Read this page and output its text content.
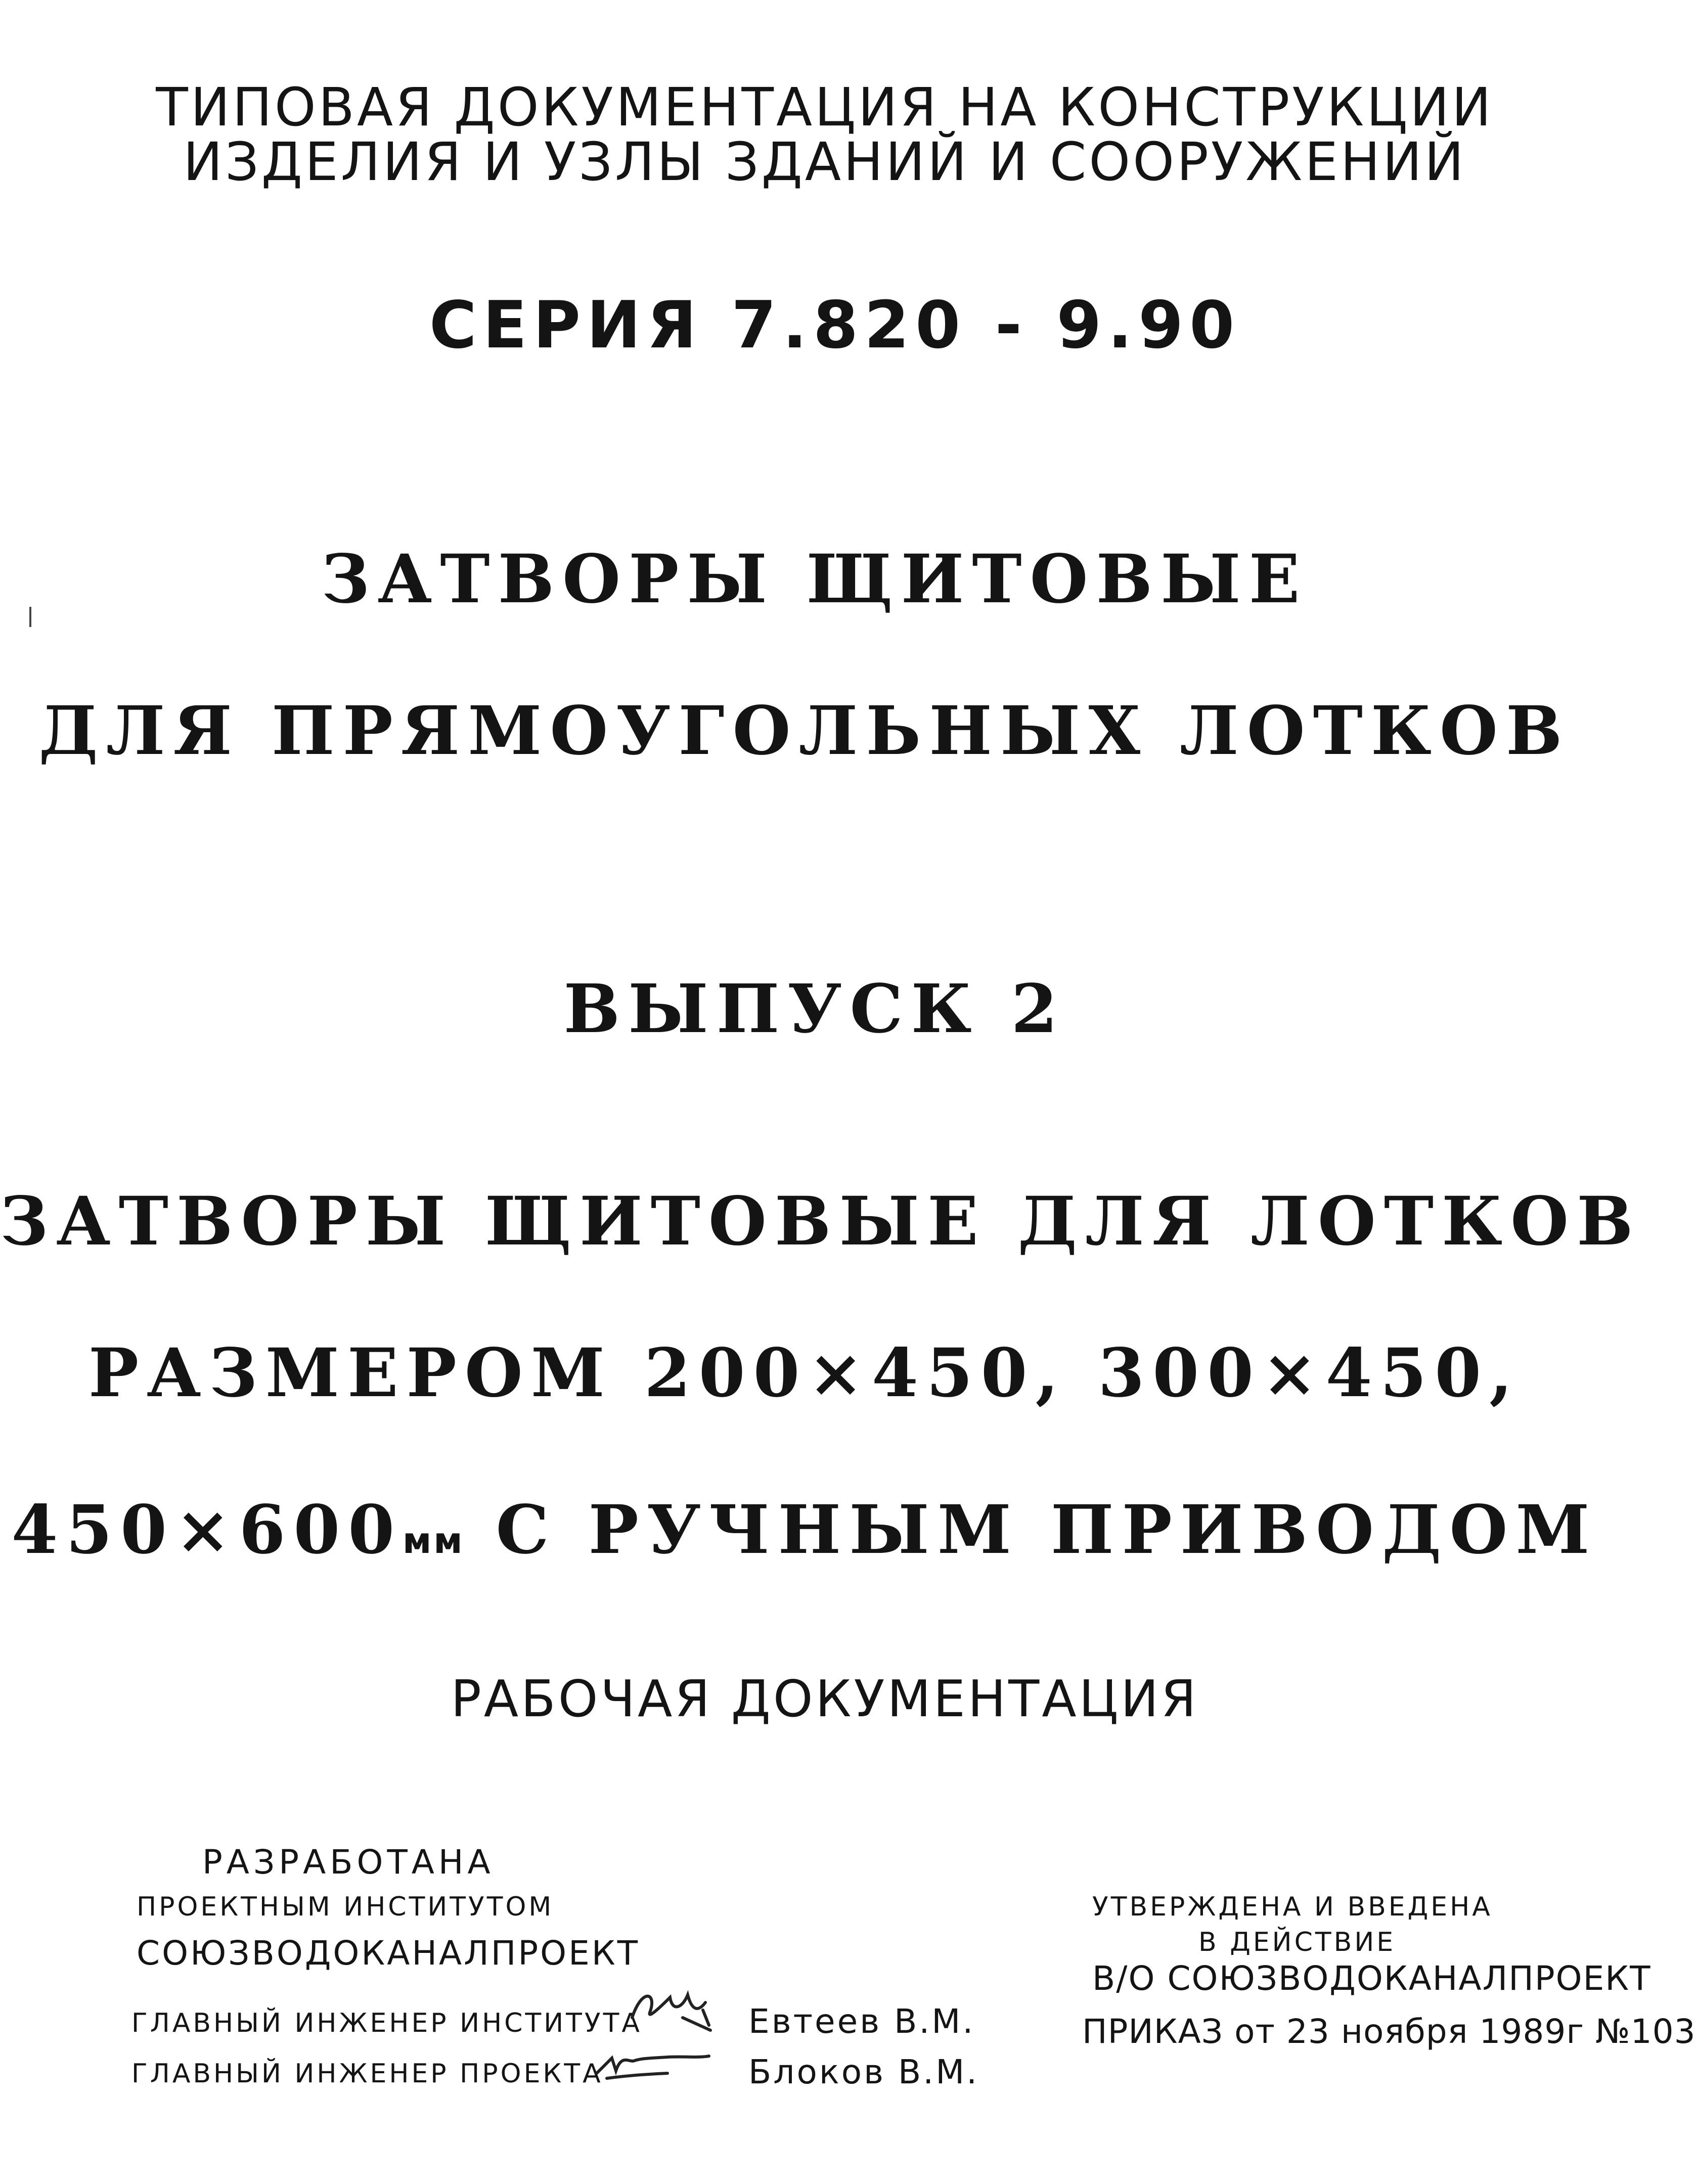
ТИПОВАЯ ДОКУМЕНТАЦИЯ НА КОНСТРУКЦИИ

ИЗДЕЛИЯ И УЗЛЫ ЗДАНИЙ И СООРУЖЕНИЙ

СЕРИЯ 7.820 - 9.90

ЗАТВОРЫ ЩИТОВЫЕ

ДЛЯ ПРЯМОУГОЛЬНЫХ ЛОТКОВ

ВЫПУСК 2

ЗАТВОРЫ ЩИТОВЫЕ ДЛЯ ЛОТКОВ

РАЗМЕРОМ 200×450, 300×450,

450×600мм С РУЧНЫМ ПРИВОДОМ

РАБОЧАЯ ДОКУМЕНТАЦИЯ

РАЗРАБОТАНА

ПРОЕКТНЫМ ИНСТИТУТОМ

СОЮЗВОДОКАНАЛПРОЕКТ

ГЛАВНЫЙ ИНЖЕНЕР ИНСТИТУТА	Евтеев В.М.

ГЛАВНЫЙ ИНЖЕНЕР ПРОЕКТА	Блоков В.М.

УТВЕРЖДЕНА И ВВЕДЕНА

В ДЕЙСТВИЕ

В/О СОЮЗВОДОКАНАЛПРОЕКТ

ПРИКАЗ от 23 ноября 1989г №103
